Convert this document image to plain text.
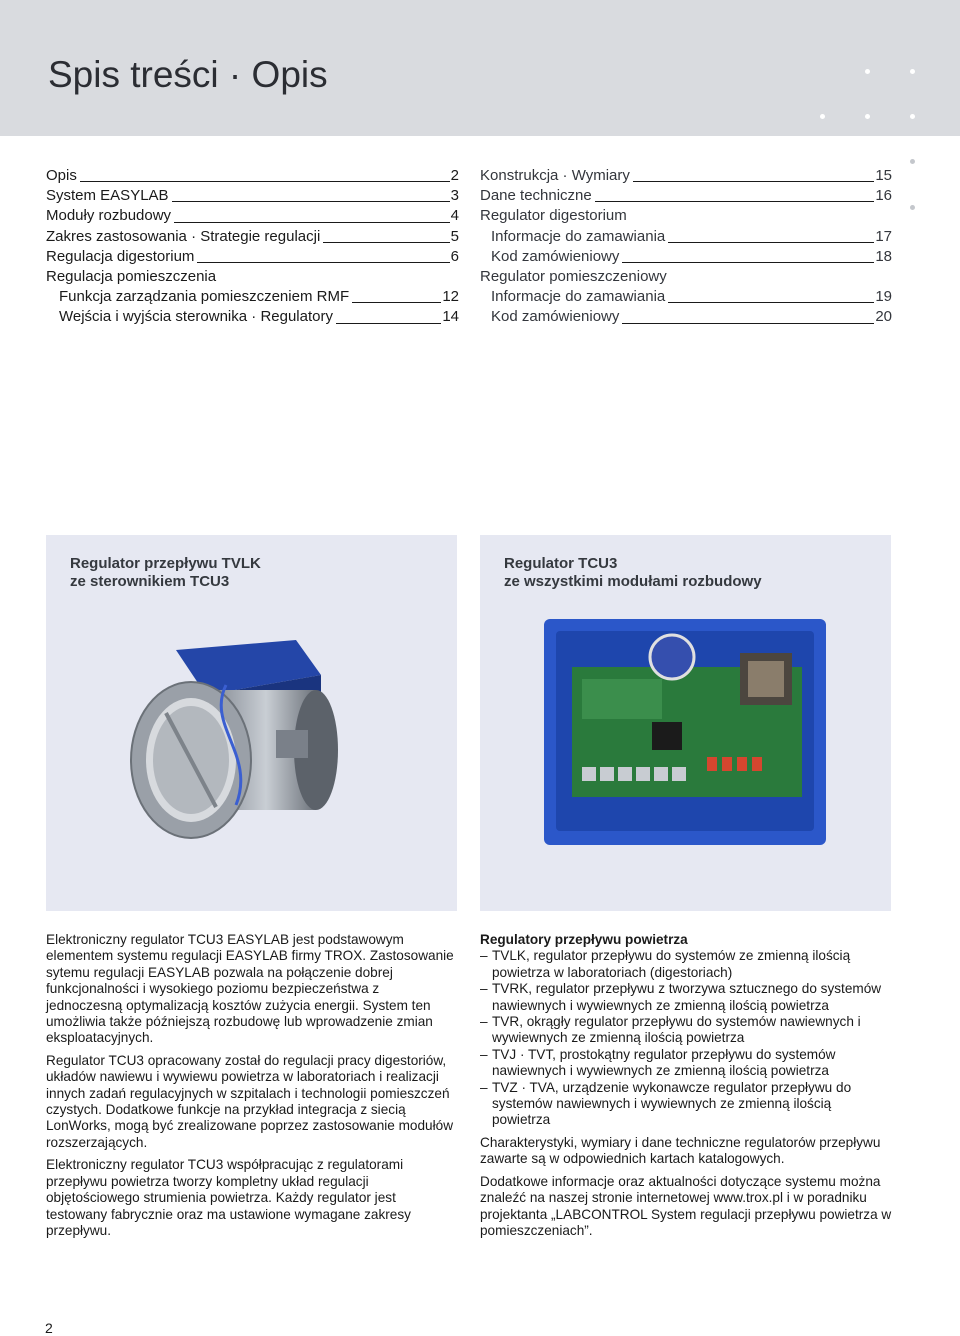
Spis treści · Opis
Opis	2
System EASYLAB	3
Moduły rozbudowy	4
Zakres zastosowania · Strategie regulacji	5
Regulacja digestorium	6
Regulacja pomieszczenia
Funkcja zarządzania pomieszczeniem RMF	12
Wejścia i wyjścia sterownika · Regulatory	14
Konstrukcja · Wymiary	15
Dane techniczne	16
Regulator digestorium
Informacje do zamawiania	17
Kod zamówieniowy	18
Regulator pomieszczeniowy
Informacje do zamawiania	19
Kod zamówieniowy	20
Regulator przepływu TVLK
ze sterownikiem TCU3
Regulator TCU3
ze wszystkimi modułami rozbudowy

Elektroniczny regulator TCU3 EASYLAB jest podstawowym elementem systemu regulacji EASYLAB firmy TROX. Zastosowanie sytemu regulacji EASYLAB pozwala na połączenie dobrej funkcjonalności i wysokiego poziomu bezpieczeństwa z jednoczesną optymalizacją kosztów zużycia energii. System ten umożliwia także późniejszą rozbudowę lub wprowadzenie zmian eksploatacyjnych.

Regulator TCU3 opracowany został do regulacji pracy digestoriów, układów nawiewu i wywiewu powietrza w laboratoriach i realizacji innych zadań regulacyjnych w szpitalach i technologii pomieszczeń czystych. Dodatkowe funkcje na przykład integracja z siecią LonWorks, mogą być zrealizowane poprzez zastosowanie modułów rozszerzających.

Elektroniczny regulator TCU3 współpracując z regulatorami przepływu powietrza tworzy kompletny układ regulacji objętościowego strumienia powietrza. Każdy regulator jest testowany fabrycznie oraz ma ustawione wymagane zakresy przepływu.

Regulatory przepływu powietrza
– TVLK, regulator przepływu do systemów ze zmienną ilością powietrza w laboratoriach (digestoriach)
– TVRK, regulator przepływu z tworzywa sztucznego do systemów nawiewnych i wywiewnych ze zmienną ilością powietrza
– TVR, okrągły regulator przepływu do systemów nawiewnych i wywiewnych ze zmienną ilością powietrza
– TVJ · TVT, prostokątny regulator przepływu do systemów nawiewnych i wywiewnych ze zmienną ilością powietrza
– TVZ · TVA, urządzenie wykonawcze regulator przepływu do systemów nawiewnych i wywiewnych ze zmienną ilością powietrza

Charakterystyki, wymiary i dane techniczne regulatorów przepływu zawarte są w odpowiednich kartach katalogowych.

Dodatkowe informacje oraz aktualności dotyczące systemu można znaleźć na naszej stronie internetowej www.trox.pl i w poradniku projektanta „LABCONTROL System regulacji przepływu powietrza w pomieszczeniach”.

2
